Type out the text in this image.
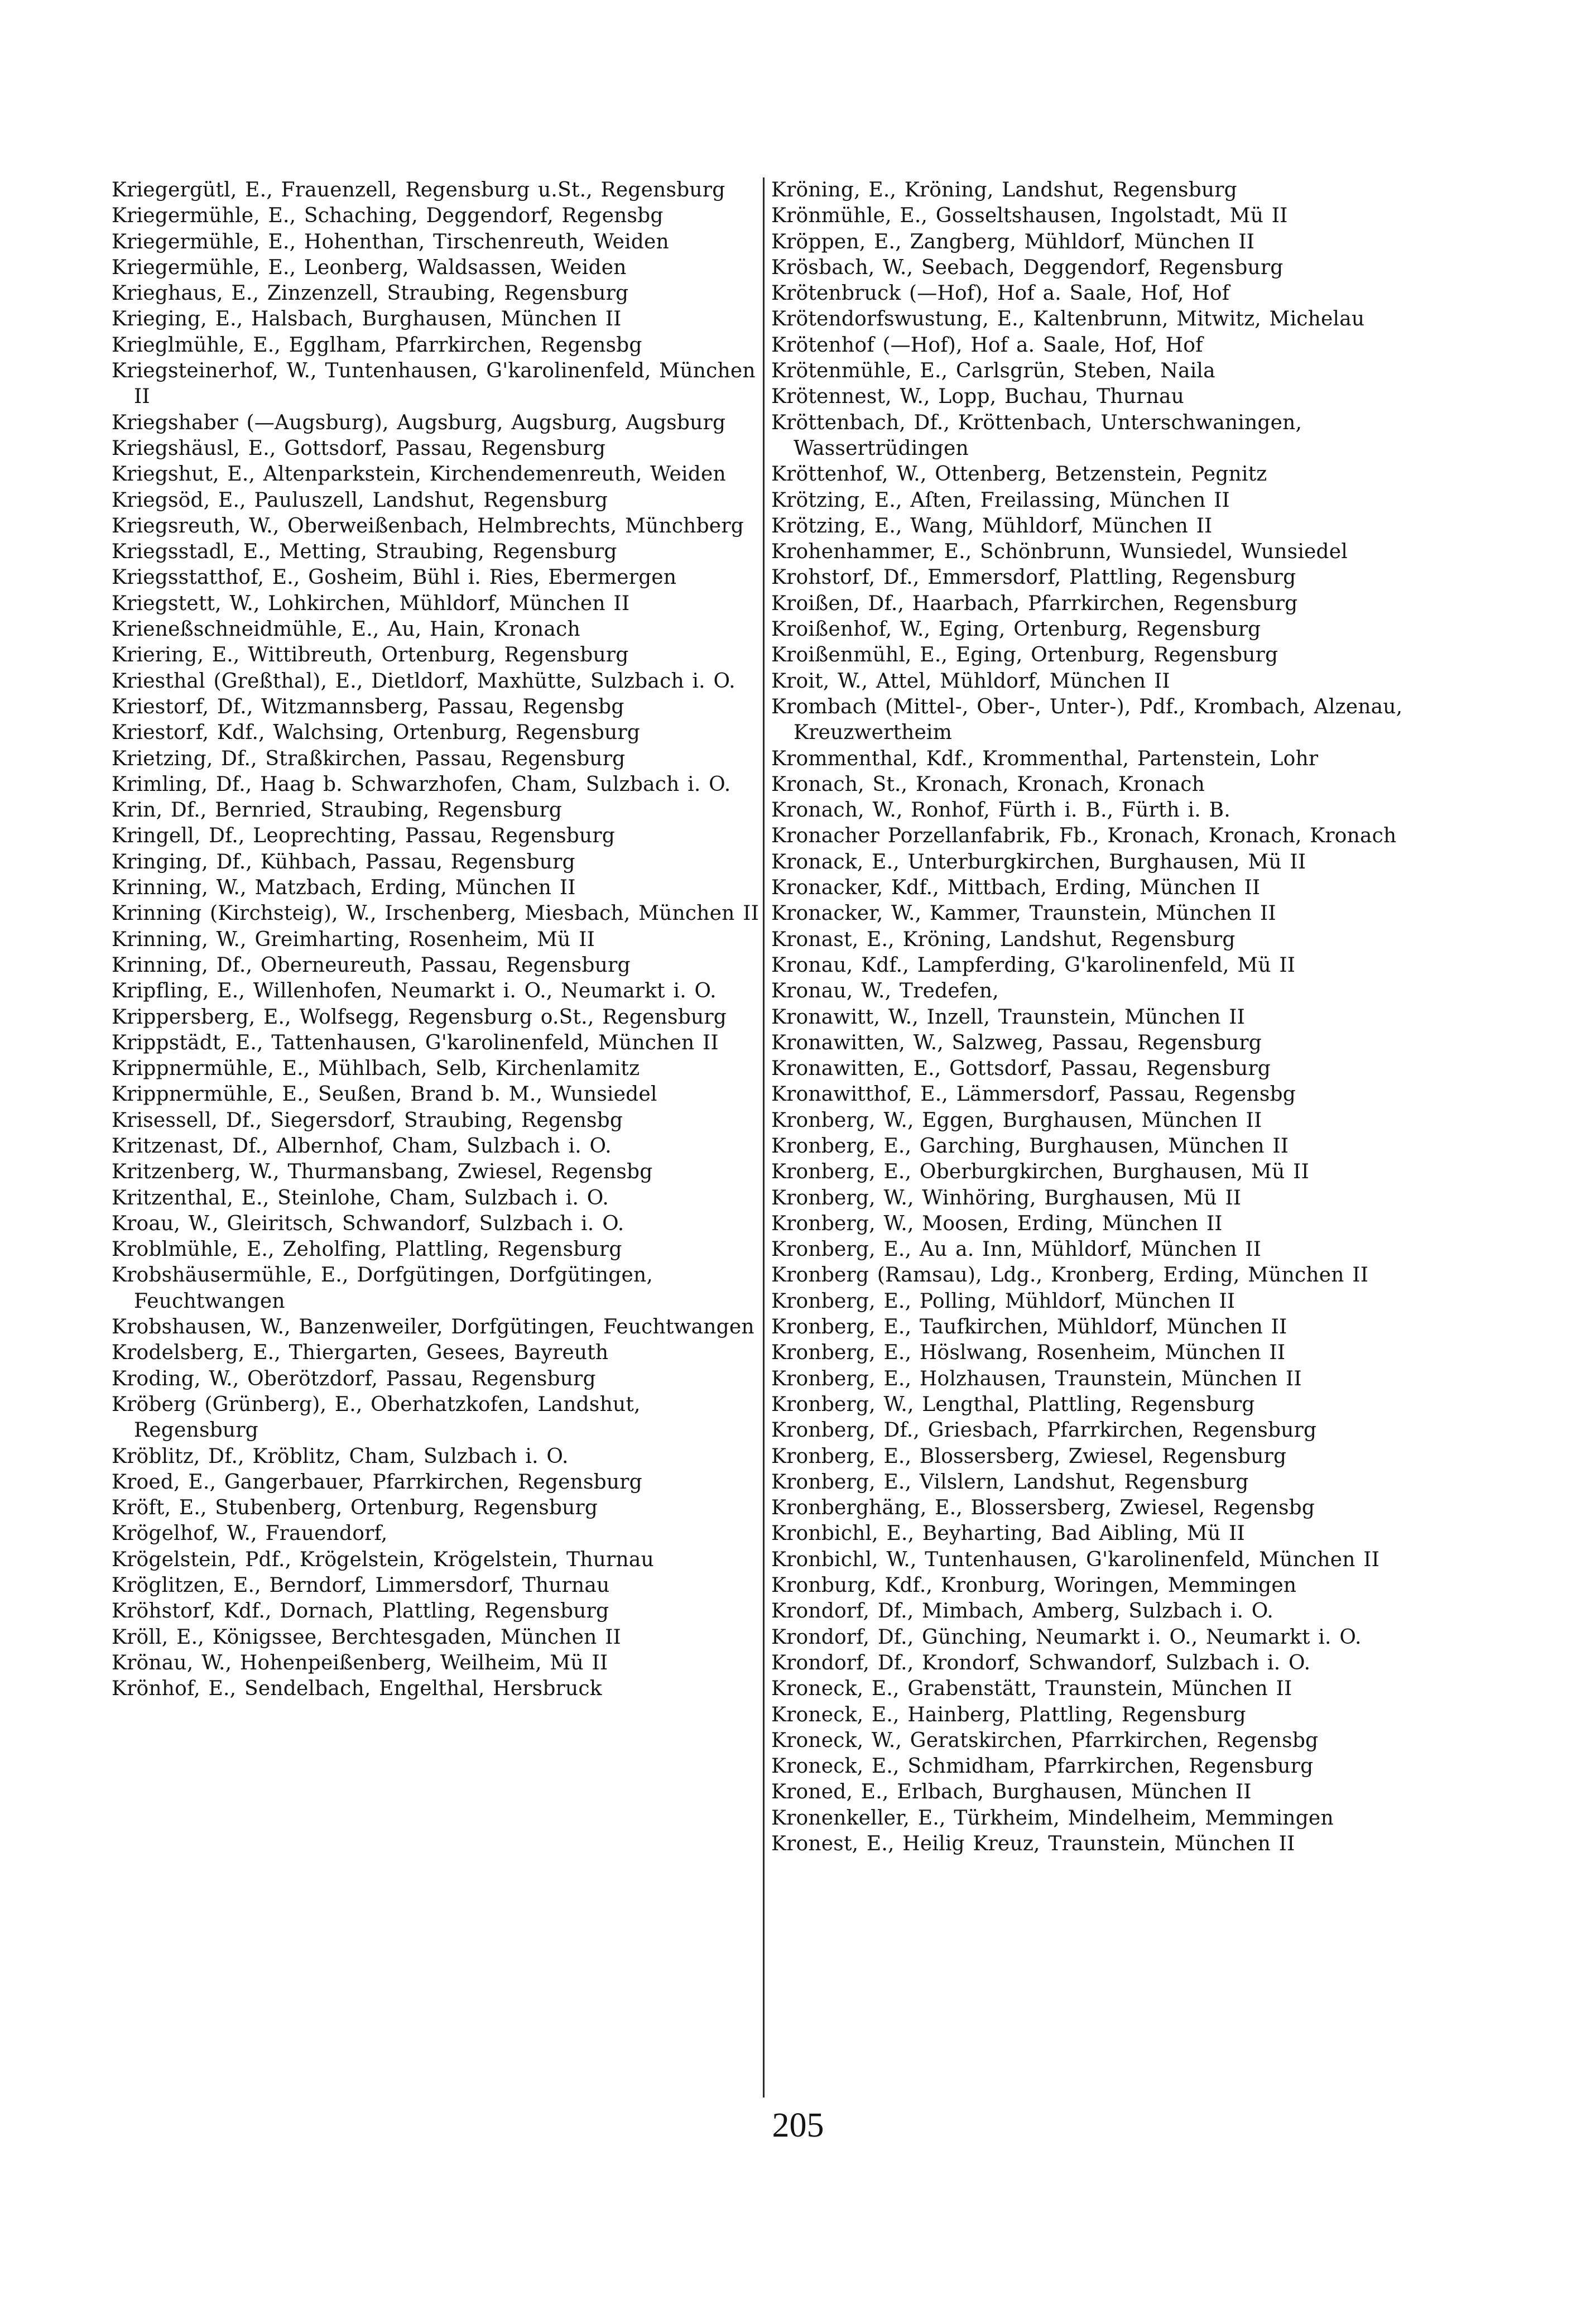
Kriegergütl, E., Frauenzell, Regensburg u.St., Regensburg

Kriegermühle, E., Schaching, Deggendorf, Regensbg

Kriegermühle, E., Hohenthan, Tirschenreuth, Weiden

Kriegermühle, E., Leonberg, Waldsassen, Weiden

Krieghaus, E., Zinzenzell, Straubing, Regensburg

Krieging, E., Halsbach, Burghausen, München II

Krieglmühle, E., Egglham, Pfarrkirchen, Regensbg

Kriegsteinerhof, W., Tuntenhausen, G'karolinenfeld, München II

Kriegshaber (—Augsburg), Augsburg, Augsburg, Augsburg

Kriegshäusl, E., Gottsdorf, Passau, Regensburg

Kriegshut, E., Altenparkstein, Kirchendemenreuth, Weiden

Kriegsöd, E., Pauluszell, Landshut, Regensburg

Kriegsreuth, W., Oberweißenbach, Helmbrechts, Münchberg

Kriegsstadl, E., Metting, Straubing, Regensburg

Kriegsstatthof, E., Gosheim, Bühl i. Ries, Ebermergen

Kriegstett, W., Lohkirchen, Mühldorf, München II

Krieneßschneidmühle, E., Au, Hain, Kronach

Kriering, E., Wittibreuth, Ortenburg, Regensburg

Kriesthal (Greßthal), E., Dietldorf, Maxhütte, Sulzbach i. O.

Kriestorf, Df., Witzmannsberg, Passau, Regensbg

Kriestorf, Kdf., Walchsing, Ortenburg, Regensburg

Krietzing, Df., Straßkirchen, Passau, Regensburg

Krimling, Df., Haag b. Schwarzhofen, Cham, Sulzbach i. O.

Krin, Df., Bernried, Straubing, Regensburg

Kringell, Df., Leoprechting, Passau, Regensburg

Kringing, Df., Kühbach, Passau, Regensburg

Krinning, W., Matzbach, Erding, München II

Krinning (Kirchsteig), W., Irschenberg, Miesbach, München II

Krinning, W., Greimharting, Rosenheim, Mü II

Krinning, Df., Oberneureuth, Passau, Regensburg

Kripfling, E., Willenhofen, Neumarkt i. O., Neumarkt i. O.

Krippersberg, E., Wolfsegg, Regensburg o.St., Regensburg

Krippstädt, E., Tattenhausen, G'karolinenfeld, München II

Krippnermühle, E., Mühlbach, Selb, Kirchenlamitz

Krippnermühle, E., Seußen, Brand b. M., Wunsiedel

Krisessell, Df., Siegersdorf, Straubing, Regensbg

Kritzenast, Df., Albernhof, Cham, Sulzbach i. O.

Kritzenberg, W., Thurmansbang, Zwiesel, Regensbg

Kritzenthal, E., Steinlohe, Cham, Sulzbach i. O.

Kroau, W., Gleiritsch, Schwandorf, Sulzbach i. O.

Kroblmühle, E., Zeholfing, Plattling, Regensburg

Krobshäusermühle, E., Dorfgütingen, Dorfgütingen, Feuchtwangen

Krobshausen, W., Banzenweiler, Dorfgütingen, Feuchtwangen

Krodelsberg, E., Thiergarten, Gesees, Bayreuth

Kroding, W., Oberötzdorf, Passau, Regensburg

Kröberg (Grünberg), E., Oberhatzkofen, Landshut, Regensburg

Kröblitz, Df., Kröblitz, Cham, Sulzbach i. O.

Kroed, E., Gangerbauer, Pfarrkirchen, Regensburg

Kröft, E., Stubenberg, Ortenburg, Regensburg

Krögelhof, W., Frauendorf,

Krögelstein, Pdf., Krögelstein, Krögelstein, Thurnau

Kröglitzen, E., Berndorf, Limmersdorf, Thurnau

Kröhstorf, Kdf., Dornach, Plattling, Regensburg

Kröll, E., Königssee, Berchtesgaden, München II

Krönau, W., Hohenpeißenberg, Weilheim, Mü II

Krönhof, E., Sendelbach, Engelthal, Hersbruck

Kröning, E., Kröning, Landshut, Regensburg

Krönmühle, E., Gosseltshausen, Ingolstadt, Mü II

Kröppen, E., Zangberg, Mühldorf, München II

Krösbach, W., Seebach, Deggendorf, Regensburg

Krötenbruck (—Hof), Hof a. Saale, Hof, Hof

Krötendorfswustung, E., Kaltenbrunn, Mitwitz, Michelau

Krötenhof (—Hof), Hof a. Saale, Hof, Hof

Krötenmühle, E., Carlsgrün, Steben, Naila

Krötennest, W., Lopp, Buchau, Thurnau

Kröttenbach, Df., Kröttenbach, Unterschwaningen, Wassertrüdingen

Kröttenhof, W., Ottenberg, Betzenstein, Pegnitz

Krötzing, E., Aſten, Freilassing, München II

Krötzing, E., Wang, Mühldorf, München II

Krohenhammer, E., Schönbrunn, Wunsiedel, Wunsiedel

Krohstorf, Df., Emmersdorf, Plattling, Regensburg

Kroißen, Df., Haarbach, Pfarrkirchen, Regensburg

Kroißenhof, W., Eging, Ortenburg, Regensburg

Kroißenmühl, E., Eging, Ortenburg, Regensburg

Kroit, W., Attel, Mühldorf, München II

Krombach (Mittel-, Ober-, Unter-), Pdf., Krombach, Alzenau, Kreuzwertheim

Krommenthal, Kdf., Krommenthal, Partenstein, Lohr

Kronach, St., Kronach, Kronach, Kronach

Kronach, W., Ronhof, Fürth i. B., Fürth i. B.

Kronacher Porzellanfabrik, Fb., Kronach, Kronach, Kronach

Kronack, E., Unterburgkirchen, Burghausen, Mü II

Kronacker, Kdf., Mittbach, Erding, München II

Kronacker, W., Kammer, Traunstein, München II

Kronast, E., Kröning, Landshut, Regensburg

Kronau, Kdf., Lampferding, G'karolinenfeld, Mü II

Kronau, W., Tredefen,

Kronawitt, W., Inzell, Traunstein, München II

Kronawitten, W., Salzweg, Passau, Regensburg

Kronawitten, E., Gottsdorf, Passau, Regensburg

Kronawitthof, E., Lämmersdorf, Passau, Regensbg

Kronberg, W., Eggen, Burghausen, München II

Kronberg, E., Garching, Burghausen, München II

Kronberg, E., Oberburgkirchen, Burghausen, Mü II

Kronberg, W., Winhöring, Burghausen, Mü II

Kronberg, W., Moosen, Erding, München II

Kronberg, E., Au a. Inn, Mühldorf, München II

Kronberg (Ramsau), Ldg., Kronberg, Erding, München II

Kronberg, E., Polling, Mühldorf, München II

Kronberg, E., Taufkirchen, Mühldorf, München II

Kronberg, E., Höslwang, Rosenheim, München II

Kronberg, E., Holzhausen, Traunstein, München II

Kronberg, W., Lengthal, Plattling, Regensburg

Kronberg, Df., Griesbach, Pfarrkirchen, Regensburg

Kronberg, E., Blossersberg, Zwiesel, Regensburg

Kronberg, E., Vilslern, Landshut, Regensburg

Kronberghäng, E., Blossersberg, Zwiesel, Regensbg

Kronbichl, E., Beyharting, Bad Aibling, Mü II

Kronbichl, W., Tuntenhausen, G'karolinenfeld, München II

Kronburg, Kdf., Kronburg, Woringen, Memmingen

Krondorf, Df., Mimbach, Amberg, Sulzbach i. O.

Krondorf, Df., Günching, Neumarkt i. O., Neumarkt i. O.

Krondorf, Df., Krondorf, Schwandorf, Sulzbach i. O.

Kroneck, E., Grabenstätt, Traunstein, München II

Kroneck, E., Hainberg, Plattling, Regensburg

Kroneck, W., Geratskirchen, Pfarrkirchen, Regensbg

Kroneck, E., Schmidham, Pfarrkirchen, Regensburg

Kroned, E., Erlbach, Burghausen, München II

Kronenkeller, E., Türkheim, Mindelheim, Memmingen

Kronest, E., Heilig Kreuz, Traunstein, München II

205
